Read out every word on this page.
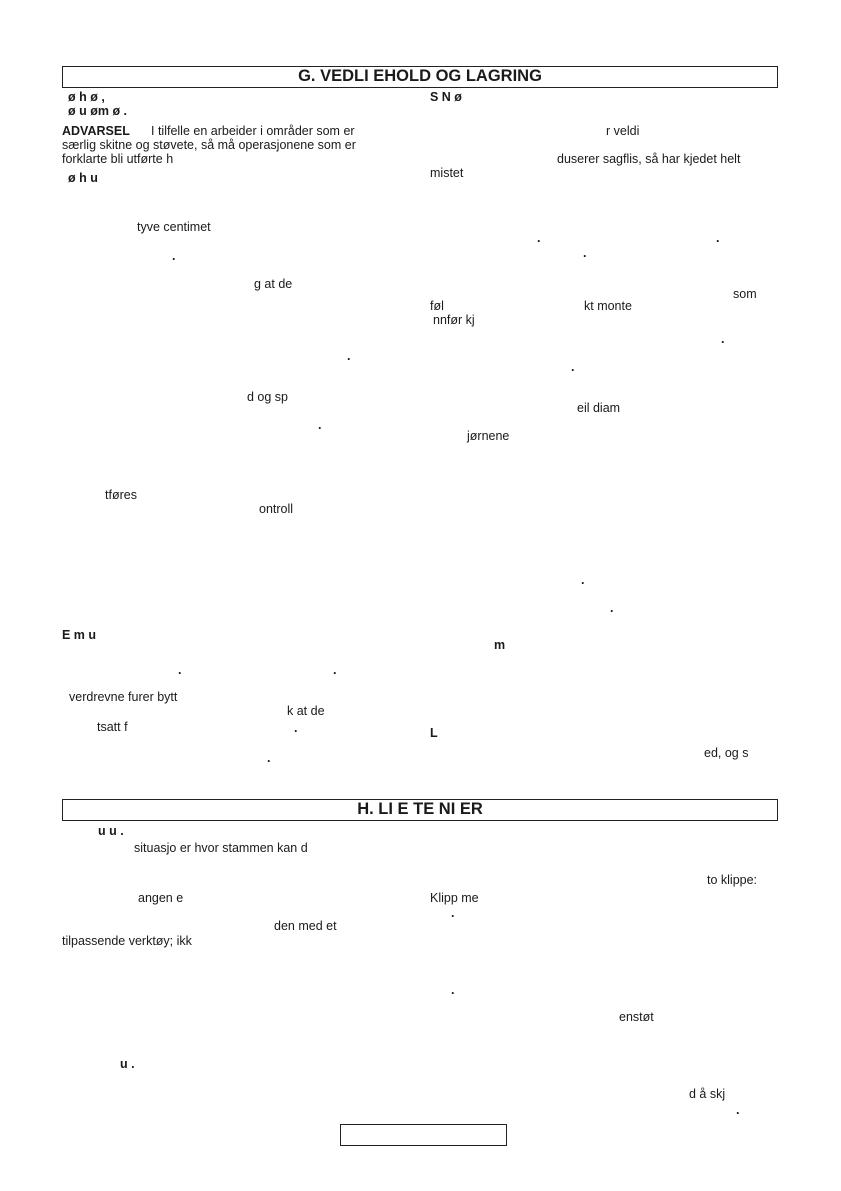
G. VEDLI EHOLD OG LAGRING
ø h ø ,
ø u øm ø .
ADVARSEL I tilfelle en arbeider i områder som er
særlig skitne og støvete, så må operasjonene som er
forklarte bli utførte h
ø h u
tyve centimet
.
g at de
.
d og sp
.
tføres
ontroll
E m u
.	.
verdrevne furer bytt
k at de
tsatt f	.
.
S N ø
r veldi
duserer sagflis, så har kjedet helt
mistet
.	.
.
som
føl	kt monte
nnfør kj
.
.
eil diam
jørnene
.
.
m
L
ed, og s
H. LI E TE NI ER
u u .
situasjo er hvor stammen kan d
angen e
den med et
tilpassende verktøy; ikk
u .
to klippe:
Klipp me
.
.
enstøt
d å skj
.
